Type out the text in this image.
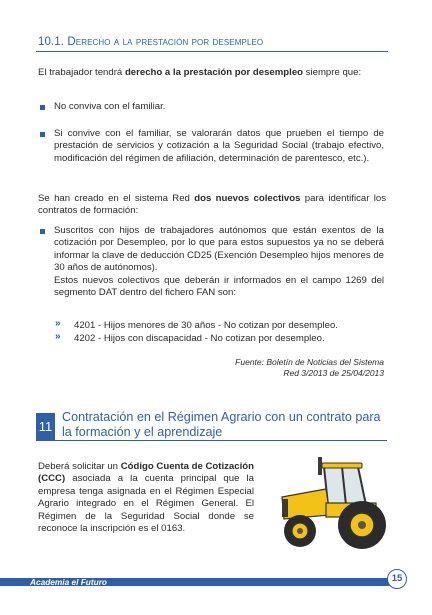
10.1. Derecho a la prestación por desempleo

El trabajador tendrá derecho a la prestación por desempleo siempre que:

No conviva con el familiar.

Si convive con el familiar, se valorarán datos que prueben el tiempo de prestación de servicios y cotización a la Seguridad Social (trabajo efectivo, modificación del régimen de afiliación, determinación de parentesco, etc.).

Se han creado en el sistema Red dos nuevos colectivos para identificar los contratos de formación:

Suscritos con hijos de trabajadores autónomos que están exentos de la cotización por Desempleo, por lo que para estos supuestos ya no se deberá informar la clave de deducción CD25 (Exención Desempleo hijos menores de 30 años de autónomos).

Estos nuevos colectivos que deberán ir informados en el campo 1269 del segmento DAT dentro del fichero FAN son:

» 4201 - Hijos menores de 30 años - No cotizan por desempleo.

» 4202 - Hijos con discapacidad - No cotizan por desempleo.

Fuente: Boletín de Noticias del Sistema
Red 3/2013 de 25/04/2013
11
Contratación en el Régimen Agrario con un contrato para la formación y el aprendizaje

Deberá solicitar un Código Cuenta de Cotización (CCC) asociada a la cuenta principal que la empresa tenga asignada en el Régimen Especial Agrario integrado en el Régimen General. El Régimen de la Seguridad Social donde se reconoce la inscripción es el 0163.

Academia el Futuro	15
